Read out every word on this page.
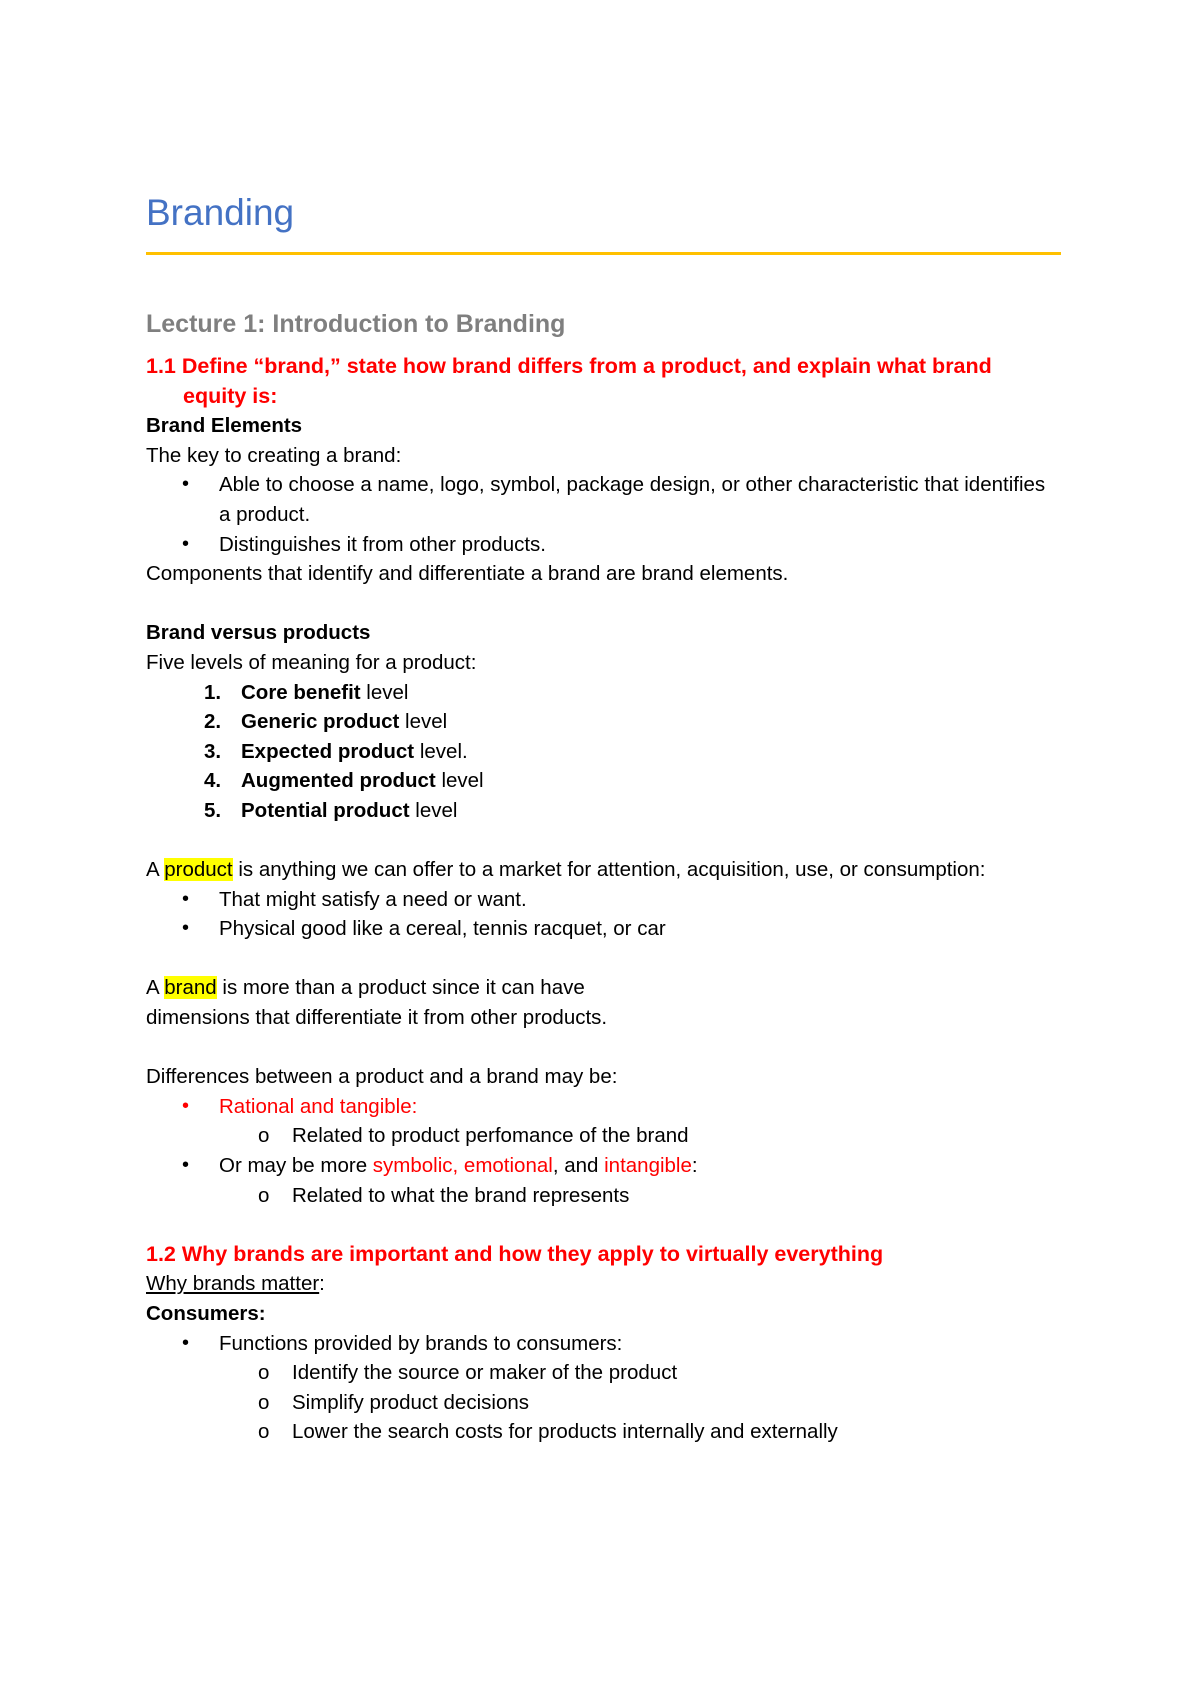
Branding
Lecture 1: Introduction to Branding
1.1 Define “brand,” state how brand differs from a product, and explain what brand equity is:
Brand Elements
The key to creating a brand:
• Able to choose a name, logo, symbol, package design, or other characteristic that identifies a product.
• Distinguishes it from other products.
Components that identify and differentiate a brand are brand elements.
Brand versus products
Five levels of meaning for a product:
1. Core benefit level
2. Generic product level
3. Expected product level.
4. Augmented product level
5. Potential product level
A product is anything we can offer to a market for attention, acquisition, use, or consumption:
• That might satisfy a need or want.
• Physical good like a cereal, tennis racquet, or car
A brand is more than a product since it can have
dimensions that differentiate it from other products.
Differences between a product and a brand may be:
• Rational and tangible:
o Related to product perfomance of the brand
• Or may be more symbolic, emotional, and intangible:
o Related to what the brand represents
1.2 Why brands are important and how they apply to virtually everything
Why brands matter:
Consumers:
• Functions provided by brands to consumers:
o Identify the source or maker of the product
o Simplify product decisions
o Lower the search costs for products internally and externally
